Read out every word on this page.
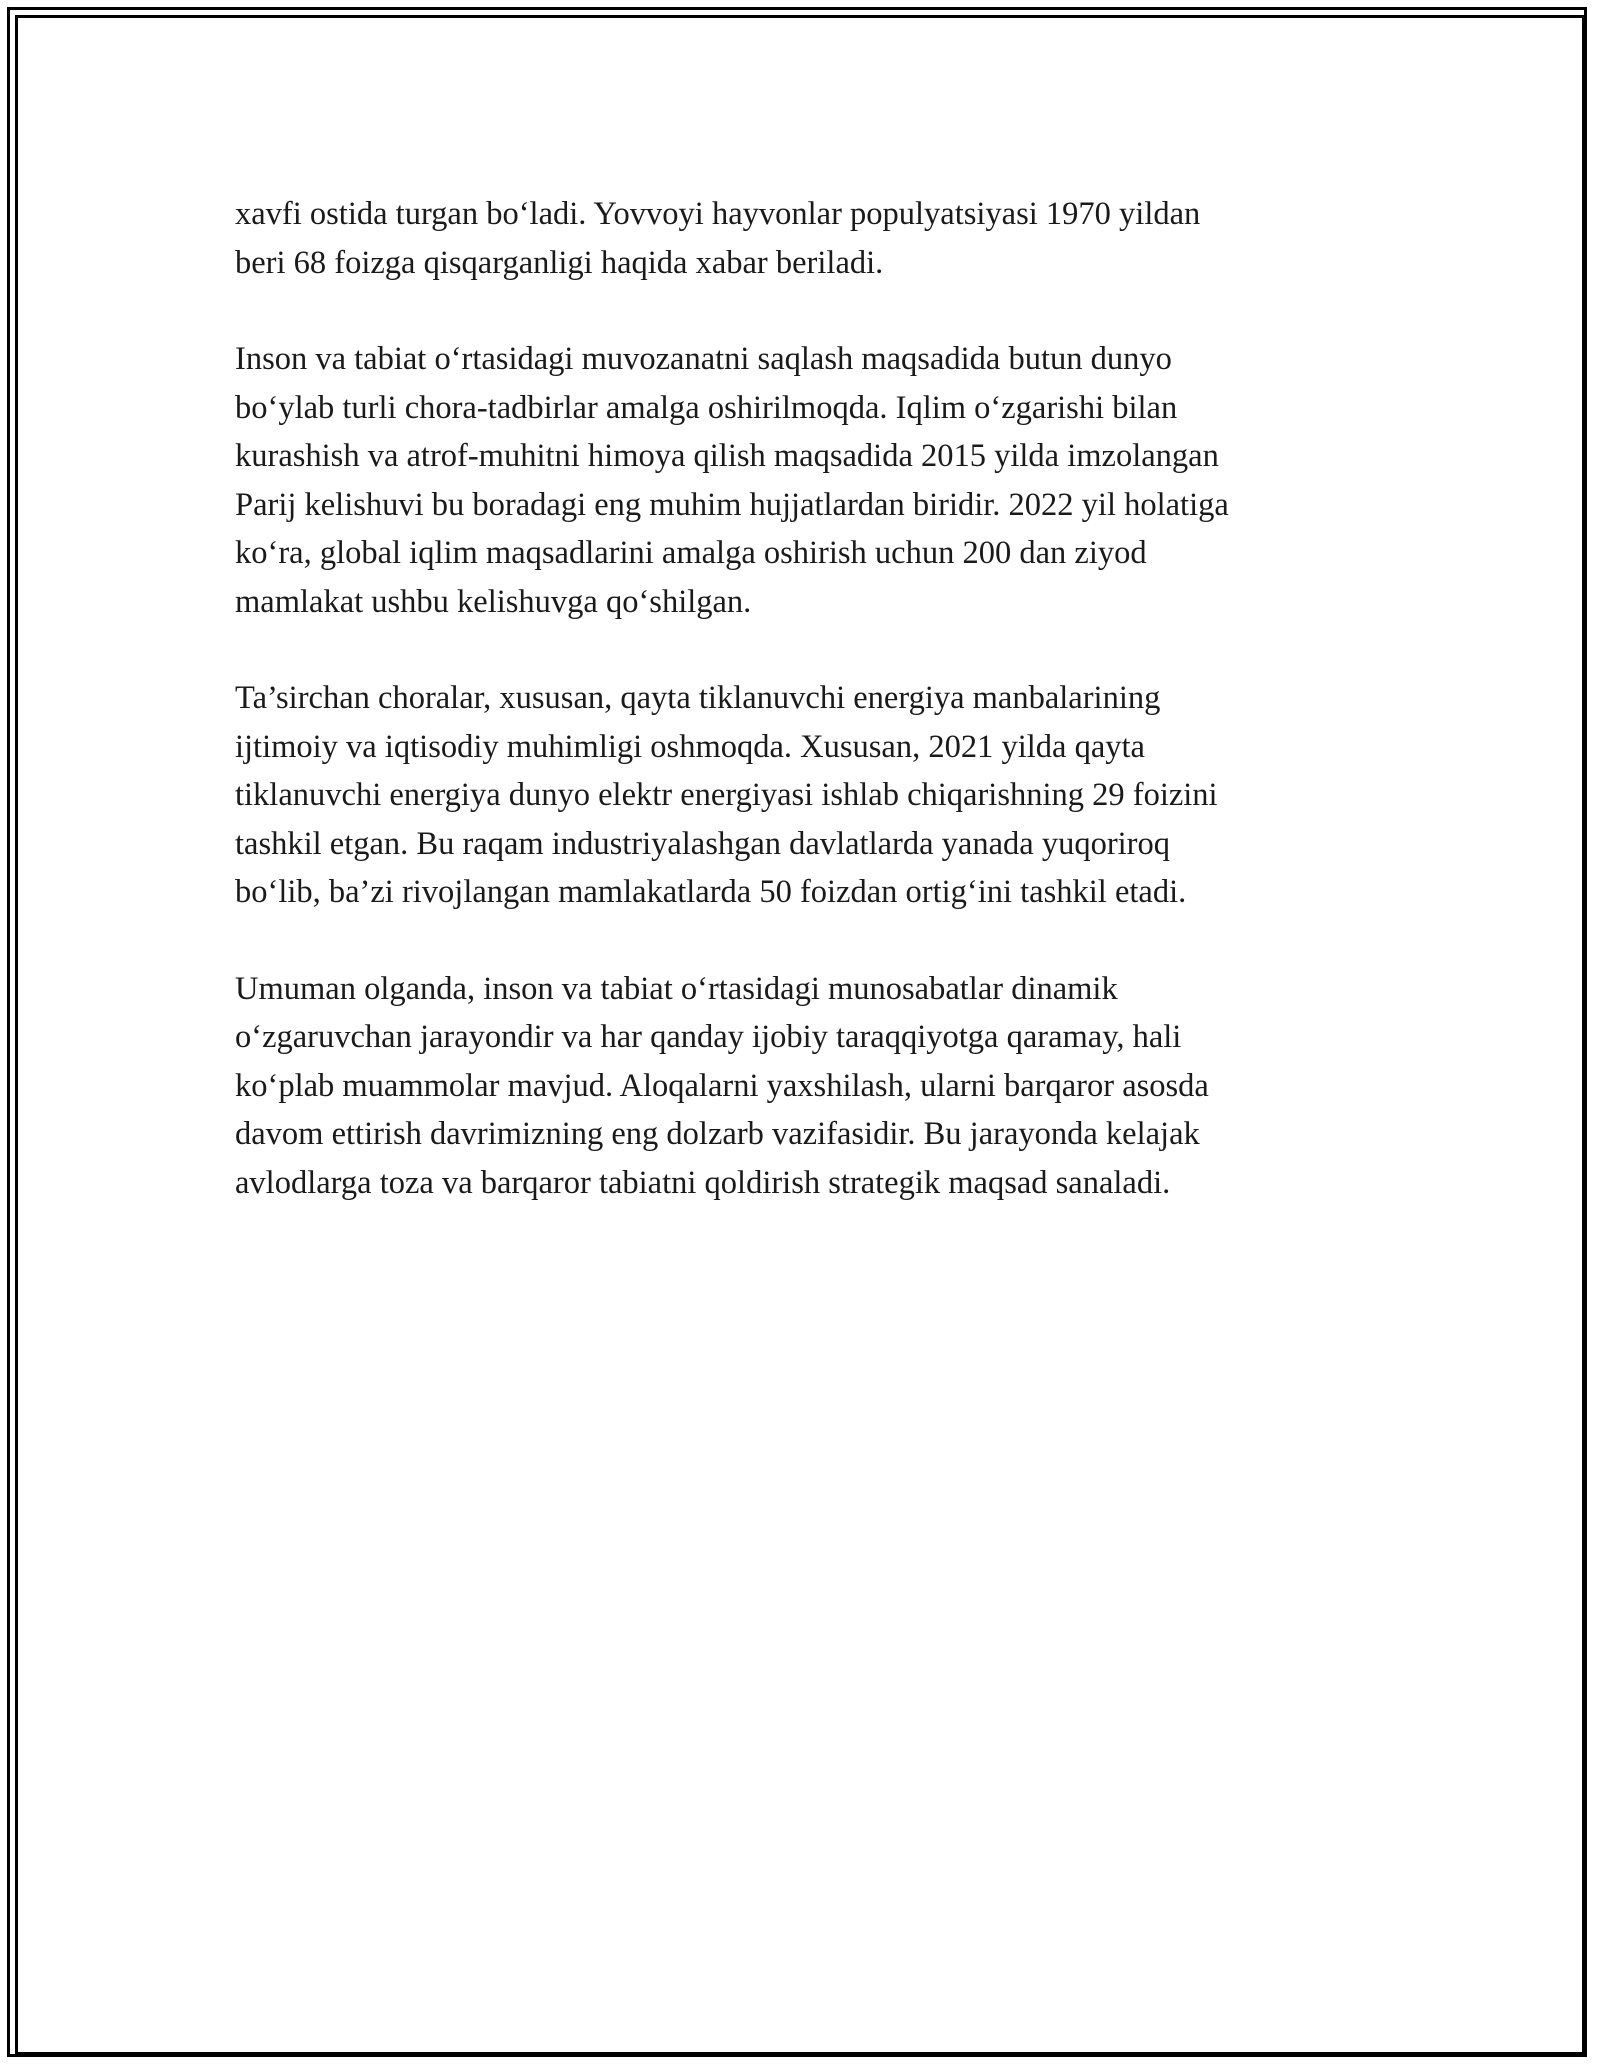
xavfi ostida turgan bo‘ladi. Yovvoyi hayvonlar populyatsiyasi 1970 yildan
beri 68 foizga qisqarganligi haqida xabar beriladi.

Inson va tabiat o‘rtasidagi muvozanatni saqlash maqsadida butun dunyo
bo‘ylab turli chora-tadbirlar amalga oshirilmoqda. Iqlim o‘zgarishi bilan
kurashish va atrof-muhitni himoya qilish maqsadida 2015 yilda imzolangan
Parij kelishuvi bu boradagi eng muhim hujjatlardan biridir. 2022 yil holatiga
ko‘ra, global iqlim maqsadlarini amalga oshirish uchun 200 dan ziyod
mamlakat ushbu kelishuvga qo‘shilgan.

Ta’sirchan choralar, xususan, qayta tiklanuvchi energiya manbalarining
ijtimoiy va iqtisodiy muhimligi oshmoqda. Xususan, 2021 yilda qayta
tiklanuvchi energiya dunyo elektr energiyasi ishlab chiqarishning 29 foizini
tashkil etgan. Bu raqam industriyalashgan davlatlarda yanada yuqoriroq
bo‘lib, ba’zi rivojlangan mamlakatlarda 50 foizdan ortig‘ini tashkil etadi.

Umuman olganda, inson va tabiat o‘rtasidagi munosabatlar dinamik
o‘zgaruvchan jarayondir va har qanday ijobiy taraqqiyotga qaramay, hali
ko‘plab muammolar mavjud. Aloqalarni yaxshilash, ularni barqaror asosda
davom ettirish davrimizning eng dolzarb vazifasidir. Bu jarayonda kelajak
avlodlarga toza va barqaror tabiatni qoldirish strategik maqsad sanaladi.
